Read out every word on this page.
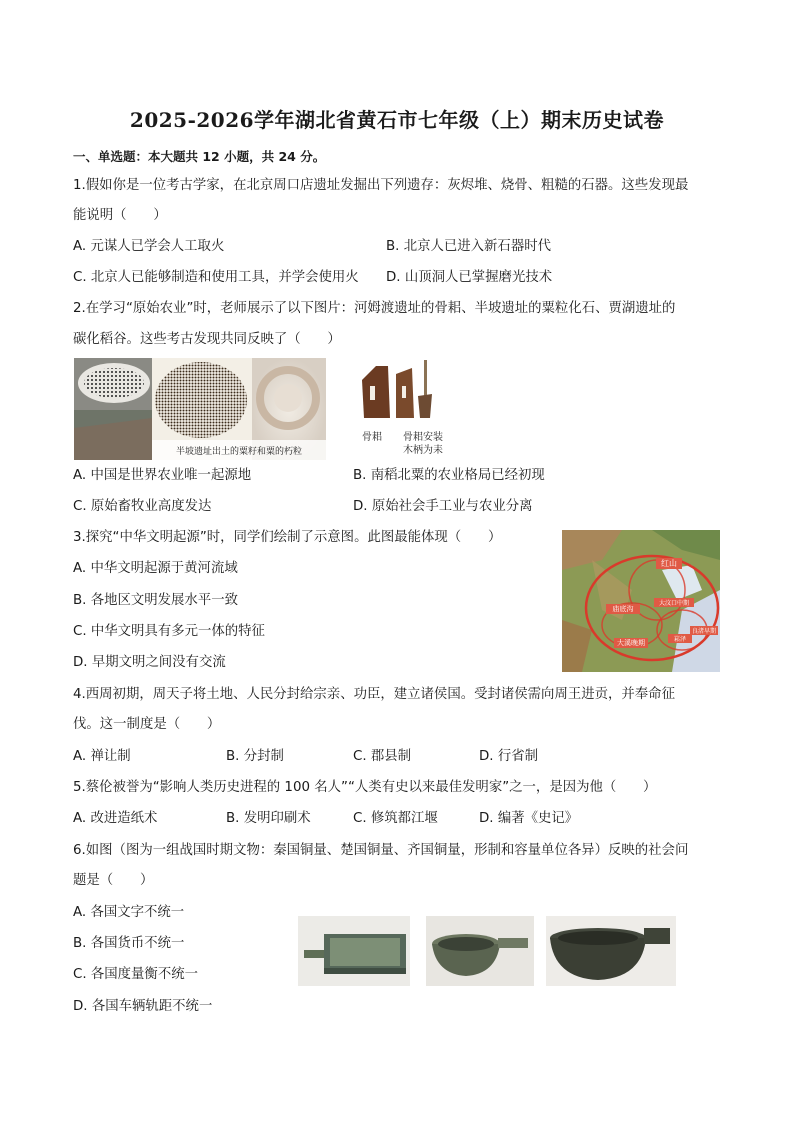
2025-2026学年湖北省黄石市七年级（上）期末历史试卷
一、单选题：本大题共 12 小题，共 24 分。
1.假如你是一位考古学家，在北京周口店遗址发掘出下列遗存：灰烬堆、烧骨、粗糙的石器。这些发现最
能说明（　　）
A. 元谋人已学会人工取火	B. 北京人已进入新石器时代
C. 北京人已能够制造和使用工具，并学会使用火 D. 山顶洞人已掌握磨光技术
2.在学习“原始农业”时，老师展示了以下图片：河姆渡遗址的骨耜、半坡遗址的粟粒化石、贾湖遗址的
碳化稻谷。这些考古发现共同反映了（　　）
半坡遗址出土的粟籽和粟的朽粒
骨耜	骨耜安装
木柄为耒
A. 中国是世界农业唯一起源地	B. 南稻北粟的农业格局已经初现
C. 原始畜牧业高度发达	D. 原始社会手工业与农业分离
3.探究“中华文明起源”时，同学们绘制了示意图。此图最能体现（　　）
A. 中华文明起源于黄河流域
B. 各地区文明发展水平一致
C. 中华文明具有多元一体的特征
D. 早期文明之间没有交流
红山
庙底沟
大汶口中期
大溪晚期	崧泽
良渚早期
4.西周初期，周天子将土地、人民分封给宗亲、功臣，建立诸侯国。受封诸侯需向周王进贡，并奉命征
伐。这一制度是（　　）
A. 禅让制	B. 分封制	C. 郡县制	D. 行省制
5.蔡伦被誉为“影响人类历史进程的 100 名人”“人类有史以来最佳发明家”之一，是因为他（　　）
A. 改进造纸术	B. 发明印刷术	C. 修筑都江堰	D. 编著《史记》
6.如图（图为一组战国时期文物：秦国铜量、楚国铜量、齐国铜量，形制和容量单位各异）反映的社会问
题是（　　）
A. 各国文字不统一
B. 各国货币不统一
C. 各国度量衡不统一
D. 各国车辆轨距不统一
